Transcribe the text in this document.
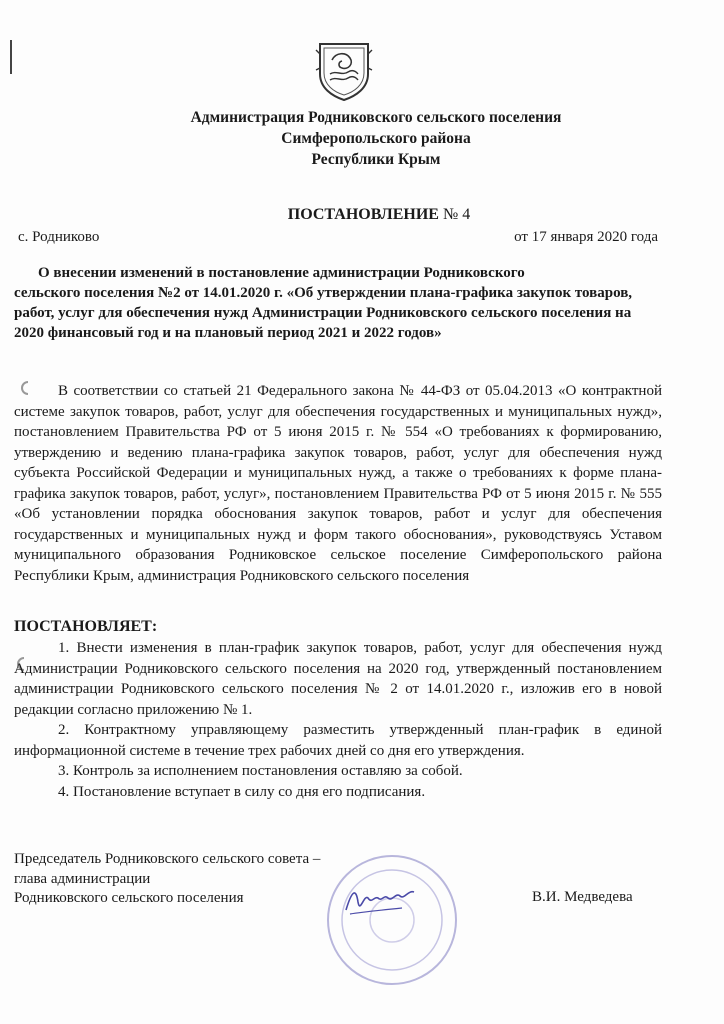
Администрация Родниковского сельского поселения
Симферопольского района
Республики Крым
ПОСТАНОВЛЕНИЕ № 4
с. Родниково	от 17 января 2020 года
О внесении изменений в постановление администрации Родниковского
сельского поселения №2 от 14.01.2020 г. «Об утверждении плана-графика закупок товаров, работ, услуг для обеспечения нужд Администрации Родниковского сельского поселения на 2020 финансовый год и на плановый период 2021 и 2022 годов»
В соответствии со статьей 21 Федерального закона № 44-ФЗ от 05.04.2013 «О контрактной системе закупок товаров, работ, услуг для обеспечения государственных и муниципальных нужд», постановлением Правительства РФ от 5 июня 2015 г. № 554 «О требованиях к формированию, утверждению и ведению плана-графика закупок товаров, работ, услуг для обеспечения нужд субъекта Российской Федерации и муниципальных нужд, а также о требованиях к форме плана-графика закупок товаров, работ, услуг», постановлением Правительства РФ от 5 июня 2015 г. № 555 «Об установлении порядка обоснования закупок товаров, работ и услуг для обеспечения государственных и муниципальных нужд и форм такого обоснования», руководствуясь Уставом муниципального образования Родниковское сельское поселение Симферопольского района Республики Крым, администрация Родниковского сельского поселения
ПОСТАНОВЛЯЕТ:

1. Внести изменения в план-график закупок товаров, работ, услуг для обеспечения нужд Администрации Родниковского сельского поселения на 2020 год, утвержденный постановлением администрации Родниковского сельского поселения № 2 от 14.01.2020 г., изложив его в новой редакции согласно приложению № 1.

2. Контрактному управляющему разместить утвержденный план-график в единой информационной системе в течение трех рабочих дней со дня его утверждения.

3. Контроль за исполнением постановления оставляю за собой.

4. Постановление вступает в силу со дня его подписания.

Председатель Родниковского сельского совета –
глава администрации
Родниковского сельского поселения	В.И. Медведева
